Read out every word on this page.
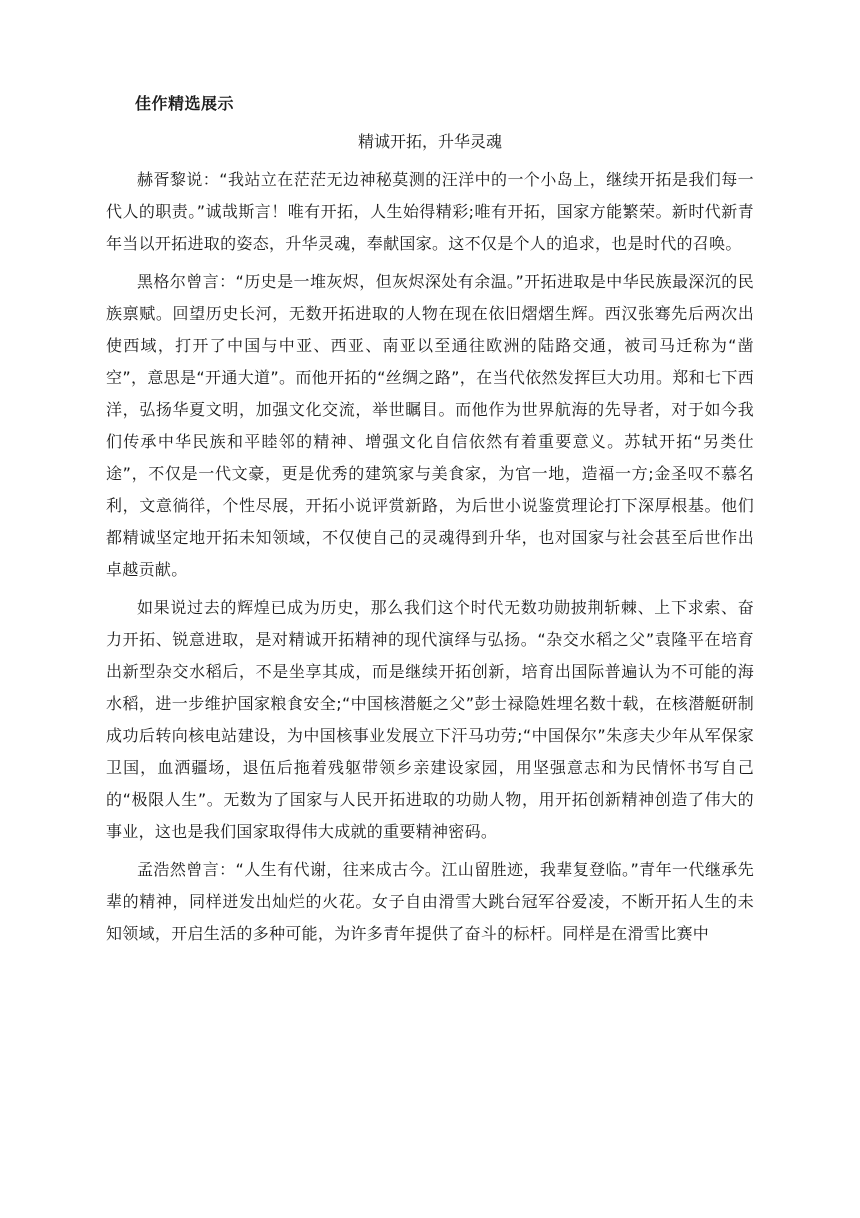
佳作精选展示
精诚开拓，升华灵魂

赫胥黎说：“我站立在茫茫无边神秘莫测的汪洋中的一个小岛上，继续开拓是我们每一代人的职责。”诚哉斯言！唯有开拓，人生始得精彩;唯有开拓，国家方能繁荣。新时代新青年当以开拓进取的姿态，升华灵魂，奉献国家。这不仅是个人的追求，也是时代的召唤。

黑格尔曾言：“历史是一堆灰烬，但灰烬深处有余温。”开拓进取是中华民族最深沉的民族禀赋。回望历史长河，无数开拓进取的人物在现在依旧熠熠生辉。西汉张骞先后两次出使西域，打开了中国与中亚、西亚、南亚以至通往欧洲的陆路交通，被司马迁称为“凿空”，意思是“开通大道”。而他开拓的“丝绸之路”，在当代依然发挥巨大功用。郑和七下西洋，弘扬华夏文明，加强文化交流，举世瞩目。而他作为世界航海的先导者，对于如今我们传承中华民族和平睦邻的精神、增强文化自信依然有着重要意义。苏轼开拓“另类仕途”，不仅是一代文豪，更是优秀的建筑家与美食家，为官一地，造福一方;金圣叹不慕名利，文意徜徉，个性尽展，开拓小说评赏新路，为后世小说鉴赏理论打下深厚根基。他们都精诚坚定地开拓未知领域，不仅使自己的灵魂得到升华，也对国家与社会甚至后世作出卓越贡献。

如果说过去的辉煌已成为历史，那么我们这个时代无数功勋披荆斩棘、上下求索、奋力开拓、锐意进取，是对精诚开拓精神的现代演绎与弘扬。“杂交水稻之父”袁隆平在培育出新型杂交水稻后，不是坐享其成，而是继续开拓创新，培育出国际普遍认为不可能的海水稻，进一步维护国家粮食安全;“中国核潜艇之父”彭士禄隐姓埋名数十载，在核潜艇研制成功后转向核电站建设，为中国核事业发展立下汗马功劳;“中国保尔”朱彦夫少年从军保家卫国，血洒疆场，退伍后拖着残躯带领乡亲建设家园，用坚强意志和为民情怀书写自己的“极限人生”。无数为了国家与人民开拓进取的功勋人物，用开拓创新精神创造了伟大的事业，这也是我们国家取得伟大成就的重要精神密码。

孟浩然曾言：“人生有代谢，往来成古今。江山留胜迹，我辈复登临。”青年一代继承先辈的精神，同样迸发出灿烂的火花。女子自由滑雪大跳台冠军谷爱凌，不断开拓人生的未知领域，开启生活的多种可能，为许多青年提供了奋斗的标杆。同样是在滑雪比赛中
